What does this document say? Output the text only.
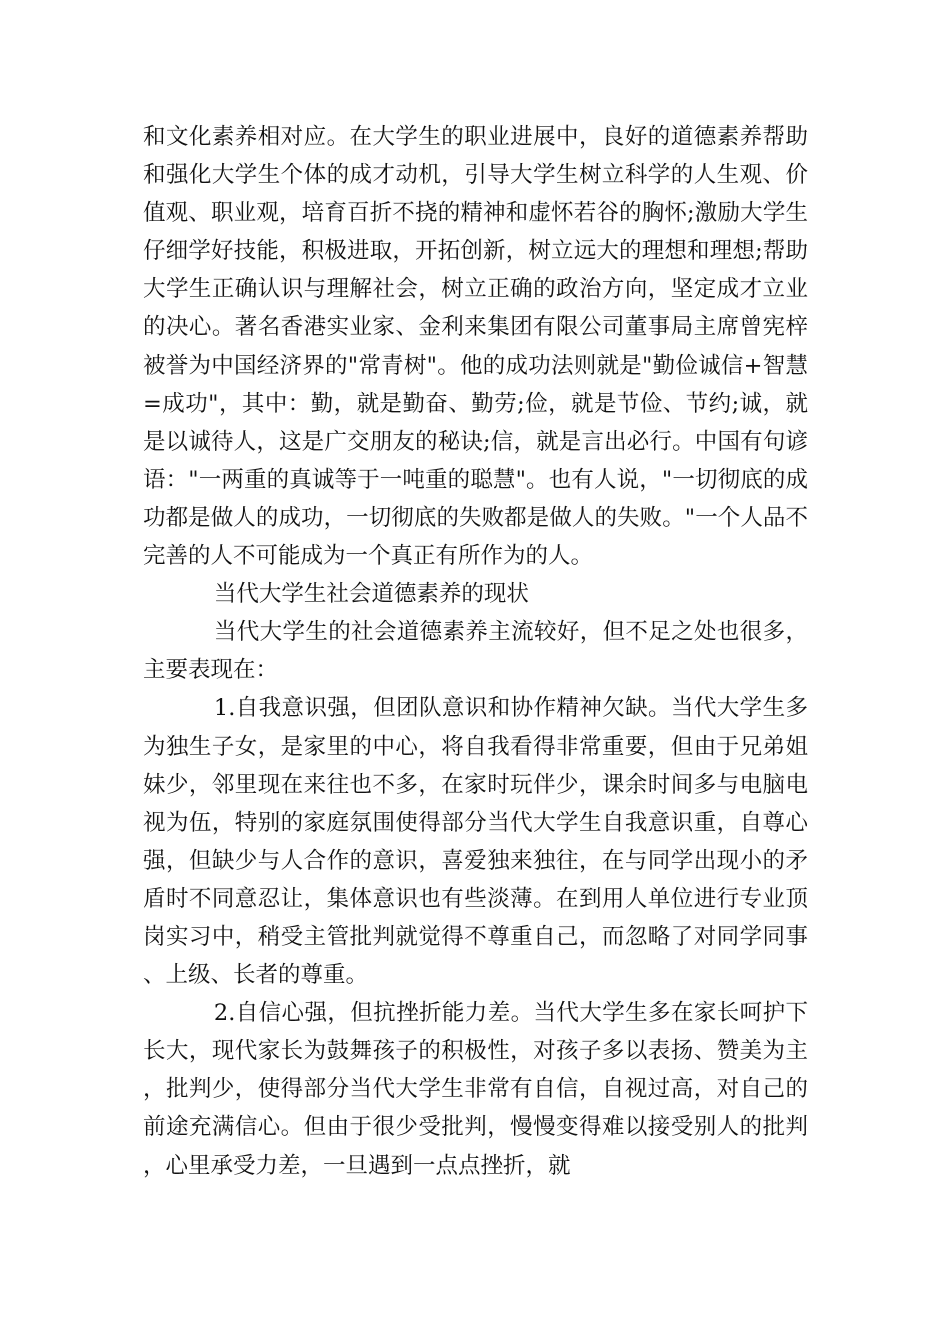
和文化素养相对应。在大学生的职业进展中，良好的道德素养帮助和强化大学生个体的成才动机，引导大学生树立科学的人生观、价值观、职业观，培育百折不挠的精神和虚怀若谷的胸怀;激励大学生仔细学好技能，积极进取，开拓创新，树立远大的理想和理想;帮助大学生正确认识与理解社会，树立正确的政治方向，坚定成才立业的决心。著名香港实业家、金利来集团有限公司董事局主席曾宪梓被誉为中国经济界的"常青树"。他的成功法则就是"勤俭诚信+智慧=成功"，其中：勤，就是勤奋、勤劳;俭，就是节俭、节约;诚，就是以诚待人，这是广交朋友的秘诀;信，就是言出必行。中国有句谚语："一两重的真诚等于一吨重的聪慧"。也有人说，"一切彻底的成功都是做人的成功，一切彻底的失败都是做人的失败。"一个人品不完善的人不可能成为一个真正有所作为的人。

当代大学生社会道德素养的现状

当代大学生的社会道德素养主流较好，但不足之处也很多，主要表现在：

1.自我意识强，但团队意识和协作精神欠缺。当代大学生多为独生子女，是家里的中心，将自我看得非常重要，但由于兄弟姐妹少，邻里现在来往也不多，在家时玩伴少，课余时间多与电脑电视为伍，特别的家庭氛围使得部分当代大学生自我意识重，自尊心强，但缺少与人合作的意识，喜爱独来独往，在与同学出现小的矛盾时不同意忍让，集体意识也有些淡薄。在到用人单位进行专业顶岗实习中，稍受主管批判就觉得不尊重自己，而忽略了对同学同事、上级、长者的尊重。

2.自信心强，但抗挫折能力差。当代大学生多在家长呵护下长大，现代家长为鼓舞孩子的积极性，对孩子多以表扬、赞美为主，批判少，使得部分当代大学生非常有自信，自视过高，对自己的前途充满信心。但由于很少受批判，慢慢变得难以接受别人的批判，心里承受力差，一旦遇到一点点挫折，就
